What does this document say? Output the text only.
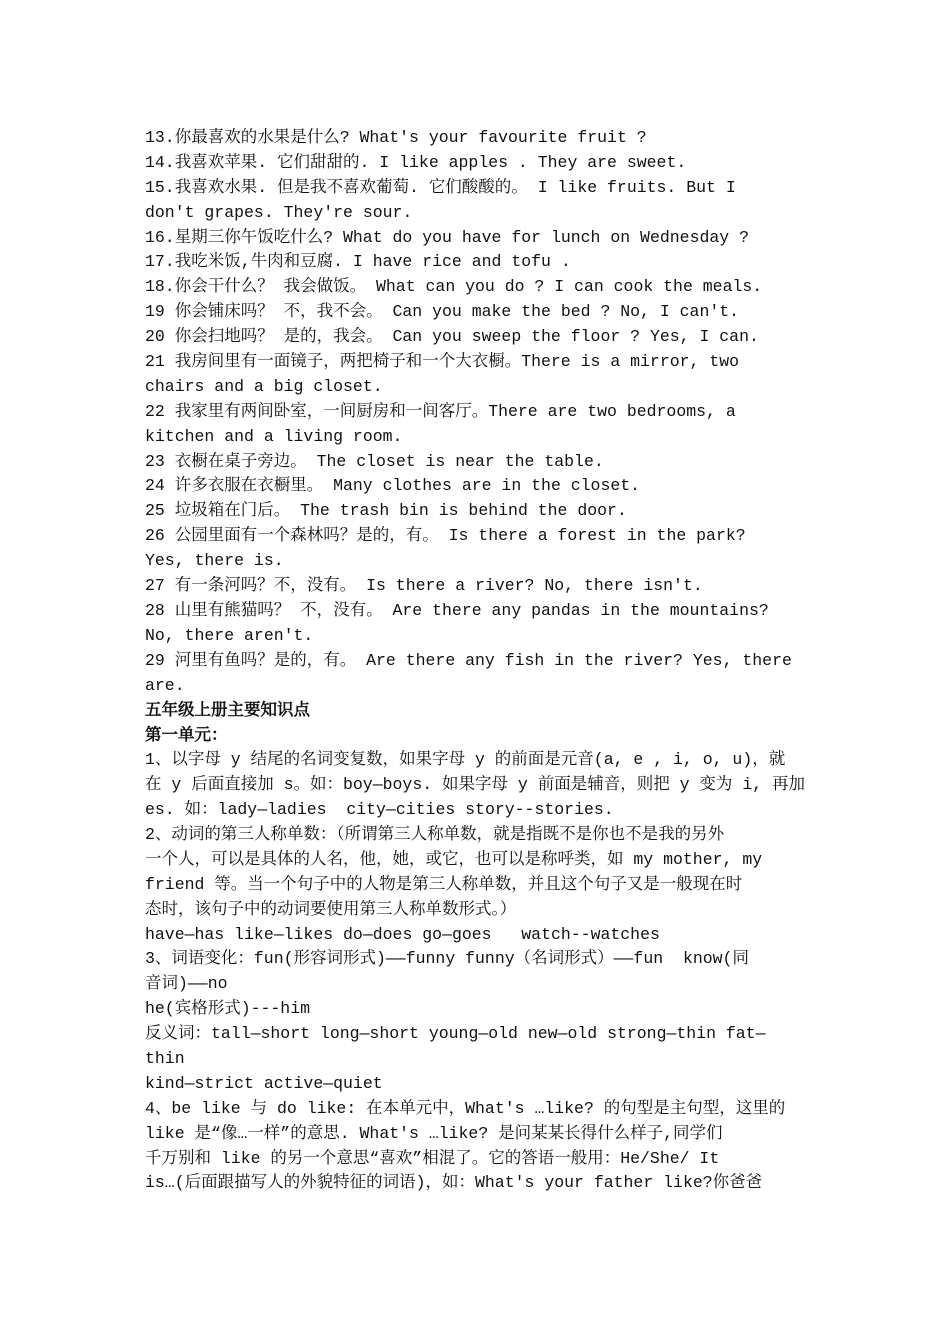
13.你最喜欢的水果是什么? What's your favourite fruit ?
14.我喜欢苹果. 它们甜甜的. I like apples . They are sweet.
15.我喜欢水果. 但是我不喜欢葡萄. 它们酸酸的。 I like fruits. But I
don't grapes. They're sour.
16.星期三你午饭吃什么? What do you have for lunch on Wednesday ?
17.我吃米饭,牛肉和豆腐. I have rice and tofu .
18.你会干什么？ 我会做饭。 What can you do ? I can cook the meals.
19 你会铺床吗？ 不，我不会。 Can you make the bed ? No, I can't.
20 你会扫地吗？ 是的，我会。 Can you sweep the floor ? Yes, I can.
21 我房间里有一面镜子，两把椅子和一个大衣橱。There is a mirror, two
chairs and a big closet.
22 我家里有两间卧室，一间厨房和一间客厅。There are two bedrooms, a
kitchen and a living room.
23 衣橱在桌子旁边。 The closet is near the table.
24 许多衣服在衣橱里。 Many clothes are in the closet.
25 垃圾箱在门后。 The trash bin is behind the door.
26 公园里面有一个森林吗？是的，有。 Is there a forest in the park?
Yes, there is.
27 有一条河吗？不，没有。 Is there a river? No, there isn't.
28 山里有熊猫吗？ 不，没有。 Are there any pandas in the mountains?
No, there aren't.
29 河里有鱼吗？是的，有。 Are there any fish in the river? Yes, there
are.
五年级上册主要知识点
第一单元：
1、以字母 y 结尾的名词变复数，如果字母 y 的前面是元音(a, e , i, o, u)，就
在 y 后面直接加 s。如：boy—boys. 如果字母 y 前面是辅音，则把 y 变为 i, 再加
es. 如：lady—ladies  city—cities story--stories.
2、动词的第三人称单数：（所谓第三人称单数，就是指既不是你也不是我的另外
一个人，可以是具体的人名，他，她，或它，也可以是称呼类，如 my mother, my
friend 等。当一个句子中的人物是第三人称单数，并且这个句子又是一般现在时
态时，该句子中的动词要使用第三人称单数形式。）
have—has like—likes do—does go—goes   watch--watches
3、词语变化：fun(形容词形式)——funny funny（名词形式）——fun  know(同
音词)——no
he(宾格形式)---him
反义词：tall—short long—short young—old new—old strong—thin fat—
thin
kind—strict active—quiet
4、be like 与 do like: 在本单元中，What's …like? 的句型是主句型，这里的
like 是“像…一样”的意思. What's …like? 是问某某长得什么样子,同学们
千万别和 like 的另一个意思“喜欢”相混了。它的答语一般用：He/She/ It
is…(后面跟描写人的外貌特征的词语)，如：What's your father like?你爸爸
